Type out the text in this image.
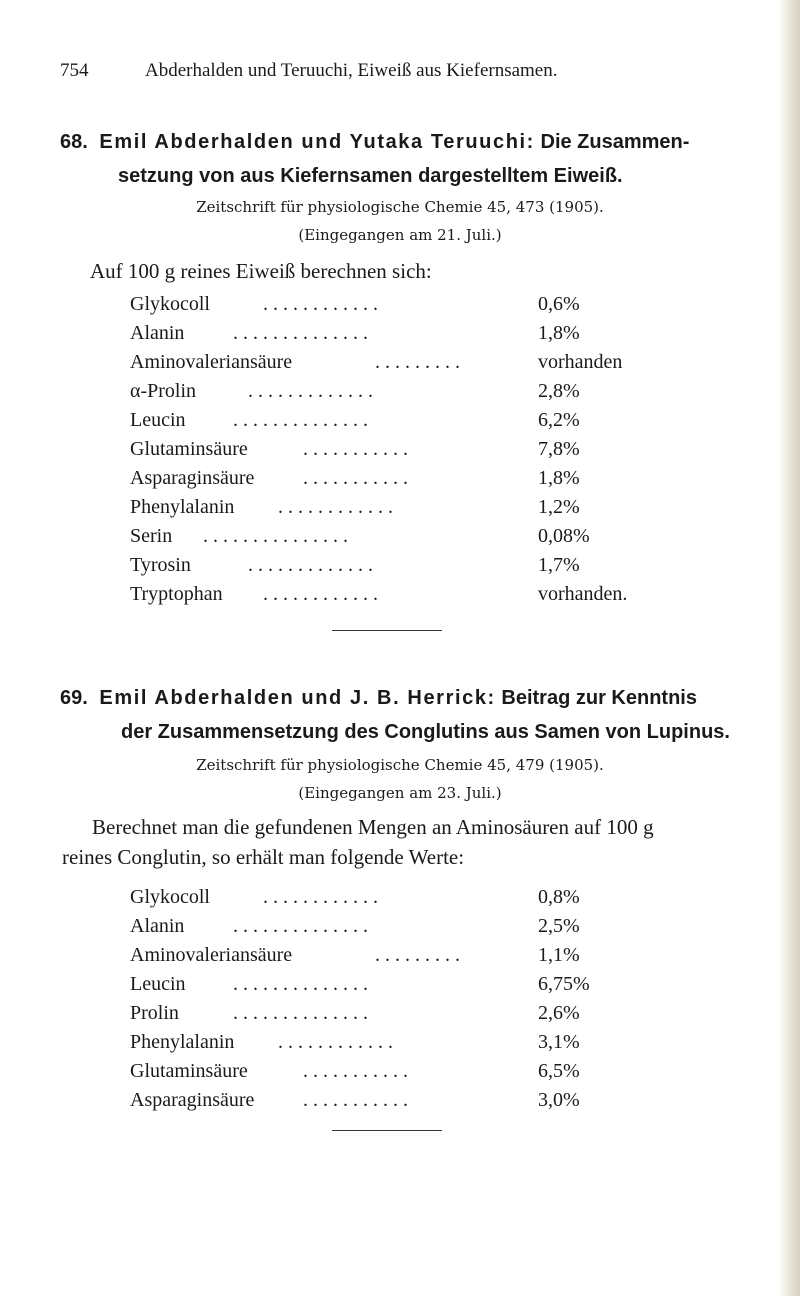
754	Abderhalden und Teruuchi, Eiweiß aus Kiefernsamen.
68. Emil Abderhalden und Yutaka Teruuchi: Die Zusammen-
setzung von aus Kiefernsamen dargestelltem Eiweiß.
Zeitschrift für physiologische Chemie 45, 473 (1905).
(Eingegangen am 21. Juli.)
Auf 100 g reines Eiweiß berechnen sich:
Glykocoll	. . . . . . . . . . . .	0,6%
Alanin . . . . . . . . . . . . . .	1,8%
Aminovaleriansäure	. . . . . . . . .	vorhanden
α-Prolin	. . . . . . . . . . . . .	2,8%
Leucin . . . . . . . . . . . . . .	6,2%
Glutaminsäure	. . . . . . . . . . .	7,8%
Asparaginsäure . . . . . . . . . . .	1,8%
Phenylalanin . . . . . . . . . . . .	1,2%
Serin . . . . . . . . . . . . . . .	0,08%
Tyrosin	. . . . . . . . . . . . .	1,7%
Tryptophan . . . . . . . . . . . .	vorhanden.
69. Emil Abderhalden und J. B. Herrick: Beitrag zur Kenntnis
der Zusammensetzung des Conglutins aus Samen von Lupinus.
Zeitschrift für physiologische Chemie 45, 479 (1905).
(Eingegangen am 23. Juli.)
Berechnet man die gefundenen Mengen an Aminosäuren auf 100 g
reines Conglutin, so erhält man folgende Werte:
Glykocoll	. . . . . . . . . . . .	0,8%
Alanin . . . . . . . . . . . . . .	2,5%
Aminovaleriansäure	. . . . . . . . .	1,1%
Leucin . . . . . . . . . . . . . .	6,75%
Prolin	. . . . . . . . . . . . . .	2,6%
Phenylalanin . . . . . . . . . . . .	3,1%
Glutaminsäure	. . . . . . . . . . .	6,5%
Asparaginsäure . . . . . . . . . . .	3,0%
